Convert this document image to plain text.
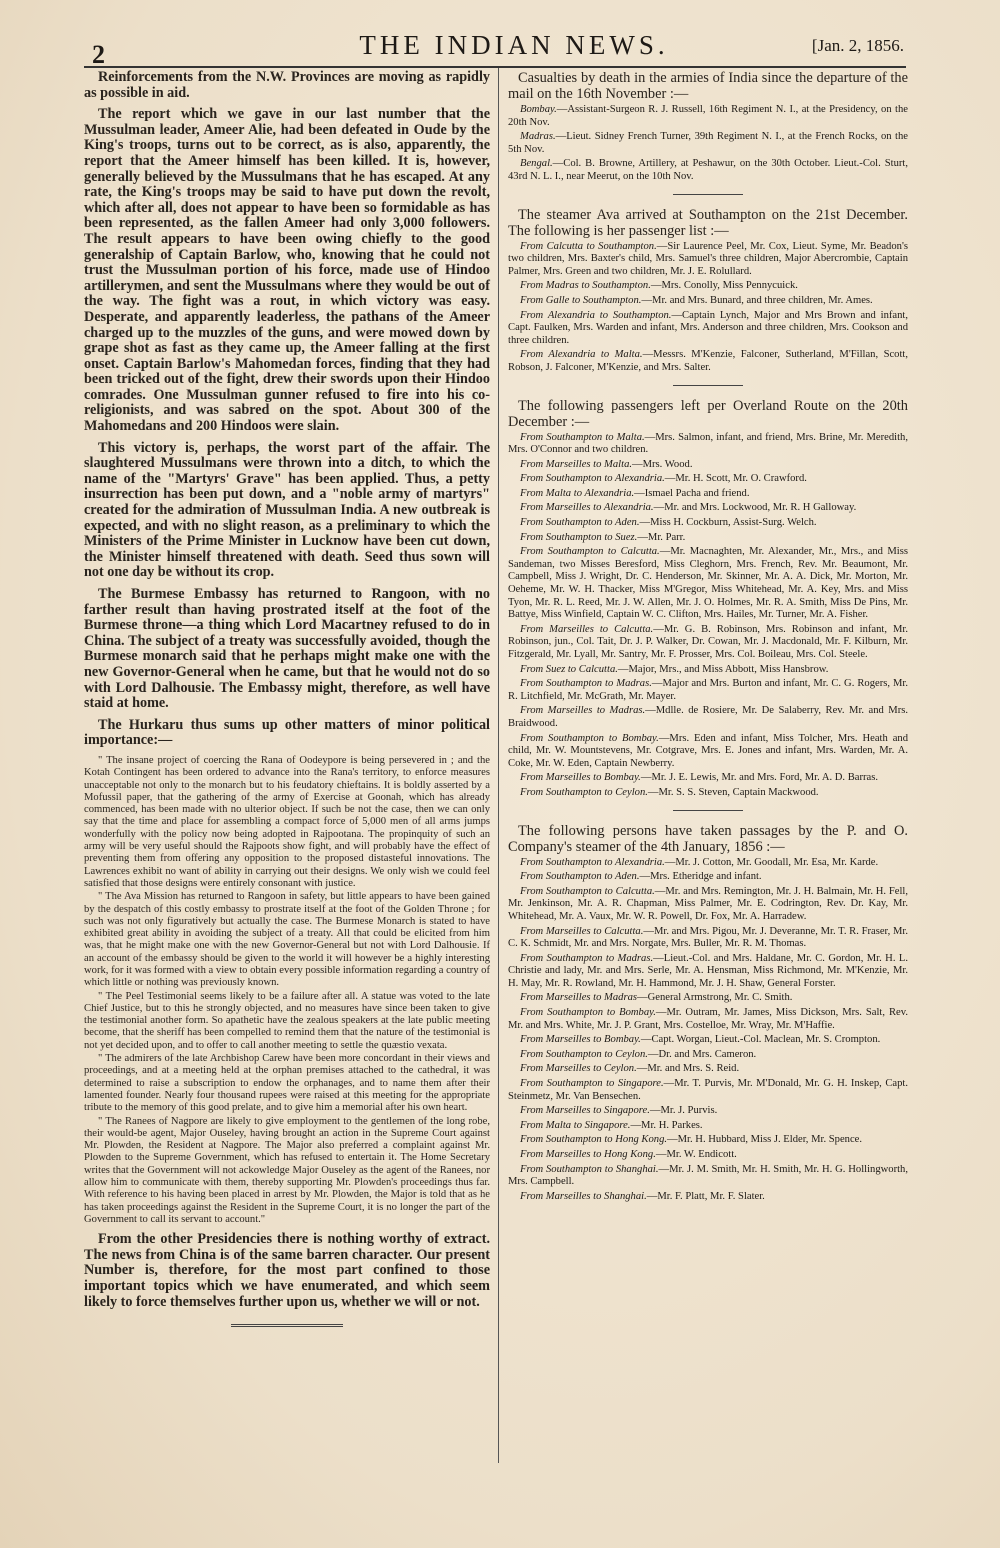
2	THE INDIAN NEWS.	[Jan. 2, 1856.

Reinforcements from the N.W. Provinces are moving as rapidly as possible in aid.

The report which we gave in our last number that the Mussulman leader, Ameer Alie, had been defeated in Oude by the King's troops, turns out to be correct, as is also, apparently, the report that the Ameer himself has been killed. It is, however, generally believed by the Mussulmans that he has escaped. At any rate, the King's troops may be said to have put down the revolt, which after all, does not appear to have been so formidable as has been represented, as the fallen Ameer had only 3,000 followers. The result appears to have been owing chiefly to the good generalship of Captain Barlow, who, knowing that he could not trust the Mussulman portion of his force, made use of Hindoo artillerymen, and sent the Mussulmans where they would be out of the way. The fight was a rout, in which victory was easy. Desperate, and apparently leaderless, the pathans of the Ameer charged up to the muzzles of the guns, and were mowed down by grape shot as fast as they came up, the Ameer falling at the first onset. Captain Barlow's Mahomedan forces, finding that they had been tricked out of the fight, drew their swords upon their Hindoo comrades. One Mussulman gunner refused to fire into his co-religionists, and was sabred on the spot. About 300 of the Mahomedans and 200 Hindoos were slain.

This victory is, perhaps, the worst part of the affair. The slaughtered Mussulmans were thrown into a ditch, to which the name of the "Martyrs' Grave" has been applied. Thus, a petty insurrection has been put down, and a "noble army of martyrs" created for the admiration of Mussulman India. A new outbreak is expected, and with no slight reason, as a preliminary to which the Ministers of the Prime Minister in Lucknow have been cut down, the Minister himself threatened with death. Seed thus sown will not one day be without its crop.

The Burmese Embassy has returned to Rangoon, with no farther result than having prostrated itself at the foot of the Burmese throne—a thing which Lord Macartney refused to do in China. The subject of a treaty was successfully avoided, though the Burmese monarch said that he perhaps might make one with the new Governor-General when he came, but that he would not do so with Lord Dalhousie. The Embassy might, therefore, as well have staid at home.

The Hurkaru thus sums up other matters of minor political importance:—

" The insane project of coercing the Rana of Oodeypore is being persevered in ; and the Kotah Contingent has been ordered to advance into the Rana's territory, to enforce measures unacceptable not only to the monarch but to his feudatory chieftains. It is boldly asserted by a Mofussil paper, that the gathering of the army of Exercise at Goonah, which has already commenced, has been made with no ulterior object. If such be not the case, then we can only say that the time and place for assembling a compact force of 5,000 men of all arms jumps wonderfully with the policy now being adopted in Rajpootana. The propinquity of such an army will be very useful should the Rajpoots show fight, and will probably have the effect of preventing them from offering any opposition to the proposed distasteful innovations. The Lawrences exhibit no want of ability in carrying out their designs. We only wish we could feel satisfied that those designs were entirely consonant with justice.

" The Ava Mission has returned to Rangoon in safety, but little appears to have been gained by the despatch of this costly embassy to prostrate itself at the foot of the Golden Throne ; for such was not only figuratively but actually the case. The Burmese Monarch is stated to have exhibited great ability in avoiding the subject of a treaty. All that could be elicited from him was, that he might make one with the new Governor-General but not with Lord Dalhousie. If an account of the embassy should be given to the world it will however be a highly interesting work, for it was formed with a view to obtain every possible information regarding a country of which little or nothing was previously known.

" The Peel Testimonial seems likely to be a failure after all. A statue was voted to the late Chief Justice, but to this he strongly objected, and no measures have since been taken to give the testimonial another form. So apathetic have the zealous speakers at the late public meeting become, that the sheriff has been compelled to remind them that the nature of the testimonial is not yet decided upon, and to offer to call another meeting to settle the quæstio vexata.

" The admirers of the late Archbishop Carew have been more concordant in their views and proceedings, and at a meeting held at the orphan premises attached to the cathedral, it was determined to raise a subscription to endow the orphanages, and to name them after their lamented founder. Nearly four thousand rupees were raised at this meeting for the appropriate tribute to the memory of this good prelate, and to give him a memorial after his own heart.

" The Ranees of Nagpore are likely to give employment to the gentlemen of the long robe, their would-be agent, Major Ouseley, having brought an action in the Supreme Court against Mr. Plowden, the Resident at Nagpore. The Major also preferred a complaint against Mr. Plowden to the Supreme Government, which has refused to entertain it. The Home Secretary writes that the Government will not ackowledge Major Ouseley as the agent of the Ranees, nor allow him to communicate with them, thereby supporting Mr. Plowden's proceedings thus far. With reference to his having been placed in arrest by Mr. Plowden, the Major is told that as he has taken proceedings against the Resident in the Supreme Court, it is no longer the part of the Government to call its servant to account."

From the other Presidencies there is nothing worthy of extract. The news from China is of the same barren character. Our present Number is, therefore, for the most part confined to those important topics which we have enumerated, and which seem likely to force themselves further upon us, whether we will or not.

Casualties by death in the armies of India since the departure of the mail on the 16th November :—

Bombay.—Assistant-Surgeon R. J. Russell, 16th Regiment N. I., at the Presidency, on the 20th Nov.

Madras.—Lieut. Sidney French Turner, 39th Regiment N. I., at the French Rocks, on the 5th Nov.

Bengal.—Col. B. Browne, Artillery, at Peshawur, on the 30th October. Lieut.-Col. Sturt, 43rd N. L. I., near Meerut, on the 10th Nov.

The steamer Ava arrived at Southampton on the 21st December. The following is her passenger list :—

From Calcutta to Southampton.—Sir Laurence Peel, Mr. Cox, Lieut. Syme, Mr. Beadon's two children, Mrs. Baxter's child, Mrs. Samuel's three children, Major Abercrombie, Captain Palmer, Mrs. Green and two children, Mr. J. E. Rolullard.

From Madras to Southampton.—Mrs. Conolly, Miss Pennycuick.

From Galle to Southampton.—Mr. and Mrs. Bunard, and three children, Mr. Ames.

From Alexandria to Southampton.—Captain Lynch, Major and Mrs Brown and infant, Capt. Faulken, Mrs. Warden and infant, Mrs. Anderson and three children, Mrs. Cookson and three children.

From Alexandria to Malta.—Messrs. M'Kenzie, Falconer, Sutherland, M'Fillan, Scott, Robson, J. Falconer, M'Kenzie, and Mrs. Salter.

The following passengers left per Overland Route on the 20th December :—

From Southampton to Malta.—Mrs. Salmon, infant, and friend, Mrs. Brine, Mr. Meredith, Mrs. O'Connor and two children.

From Marseilles to Malta.—Mrs. Wood.

From Southampton to Alexandria.—Mr. H. Scott, Mr. O. Crawford.

From Malta to Alexandria.—Ismael Pacha and friend.

From Marseilles to Alexandria.—Mr. and Mrs. Lockwood, Mr. R. H Galloway.

From Southampton to Aden.—Miss H. Cockburn, Assist-Surg. Welch.

From Southampton to Suez.—Mr. Parr.

From Southampton to Calcutta.—Mr. Macnaghten, Mr. Alexander, Mr., Mrs., and Miss Sandeman, two Misses Beresford, Miss Cleghorn, Mrs. French, Rev. Mr. Beaumont, Mr. Campbell, Miss J. Wright, Dr. C. Henderson, Mr. Skinner, Mr. A. A. Dick, Mr. Morton, Mr. Oeheme, Mr. W. H. Thacker, Miss M'Gregor, Miss Whitehead, Mr. A. Key, Mrs. and Miss Tyon, Mr. R. L. Reed, Mr. J. W. Allen, Mr. J. O. Holmes, Mr. R. A. Smith, Miss De Pins, Mr. Battye, Miss Winfield, Captain W. C. Clifton, Mrs. Hailes, Mr. Turner, Mr. A. Fisher.

From Marseilles to Calcutta.—Mr. G. B. Robinson, Mrs. Robinson and infant, Mr. Robinson, jun., Col. Tait, Dr. J. P. Walker, Dr. Cowan, Mr. J. Macdonald, Mr. F. Kilburn, Mr. Fitzgerald, Mr. Lyall, Mr. Santry, Mr. F. Prosser, Mrs. Col. Boileau, Mrs. Col. Steele.

From Suez to Calcutta.—Major, Mrs., and Miss Abbott, Miss Hansbrow.

From Southampton to Madras.—Major and Mrs. Burton and infant, Mr. C. G. Rogers, Mr. R. Litchfield, Mr. McGrath, Mr. Mayer.

From Marseilles to Madras.—Mdlle. de Rosiere, Mr. De Salaberry, Rev. Mr. and Mrs. Braidwood.

From Southampton to Bombay.—Mrs. Eden and infant, Miss Tolcher, Mrs. Heath and child, Mr. W. Mountstevens, Mr. Cotgrave, Mrs. E. Jones and infant, Mrs. Warden, Mr. A. Coke, Mr. W. Eden, Captain Newberry.

From Marseilles to Bombay.—Mr. J. E. Lewis, Mr. and Mrs. Ford, Mr. A. D. Barras.

From Southampton to Ceylon.—Mr. S. S. Steven, Captain Mackwood.

The following persons have taken passages by the P. and O. Company's steamer of the 4th January, 1856 :—

From Southampton to Alexandria.—Mr. J. Cotton, Mr. Goodall, Mr. Esa, Mr. Karde.

From Southampton to Aden.—Mrs. Etheridge and infant.

From Southampton to Calcutta.—Mr. and Mrs. Remington, Mr. J. H. Balmain, Mr. H. Fell, Mr. Jenkinson, Mr. A. R. Chapman, Miss Palmer, Mr. E. Codrington, Rev. Dr. Kay, Mr. Whitehead, Mr. A. Vaux, Mr. W. R. Powell, Dr. Fox, Mr. A. Harradew.

From Marseilles to Calcutta.—Mr. and Mrs. Pigou, Mr. J. Deveranne, Mr. T. R. Fraser, Mr. C. K. Schmidt, Mr. and Mrs. Norgate, Mrs. Buller, Mr. R. M. Thomas.

From Southampton to Madras.—Lieut.-Col. and Mrs. Haldane, Mr. C. Gordon, Mr. H. L. Christie and lady, Mr. and Mrs. Serle, Mr. A. Hensman, Miss Richmond, Mr. M'Kenzie, Mr. H. May, Mr. R. Rowland, Mr. H. Hammond, Mr. J. H. Shaw, General Forster.

From Marseilles to Madras—General Armstrong, Mr. C. Smith.

From Southampton to Bombay.—Mr. Outram, Mr. James, Miss Dickson, Mrs. Salt, Rev. Mr. and Mrs. White, Mr. J. P. Grant, Mrs. Costelloe, Mr. Wray, Mr. M'Haffie.

From Marseilles to Bombay.—Capt. Worgan, Lieut.-Col. Maclean, Mr. S. Crompton.

From Southampton to Ceylon.—Dr. and Mrs. Cameron.

From Marseilles to Ceylon.—Mr. and Mrs. S. Reid.

From Southampton to Singapore.—Mr. T. Purvis, Mr. M'Donald, Mr. G. H. Inskep, Capt. Steinmetz, Mr. Van Bensechen.

From Marseilles to Singapore.—Mr. J. Purvis.

From Malta to Singapore.—Mr. H. Parkes.

From Southampton to Hong Kong.—Mr. H. Hubbard, Miss J. Elder, Mr. Spence.

From Marseilles to Hong Kong.—Mr. W. Endicott.

From Southampton to Shanghai.—Mr. J. M. Smith, Mr. H. Smith, Mr. H. G. Hollingworth, Mrs. Campbell.

From Marseilles to Shanghai.—Mr. F. Platt, Mr. F. Slater.
